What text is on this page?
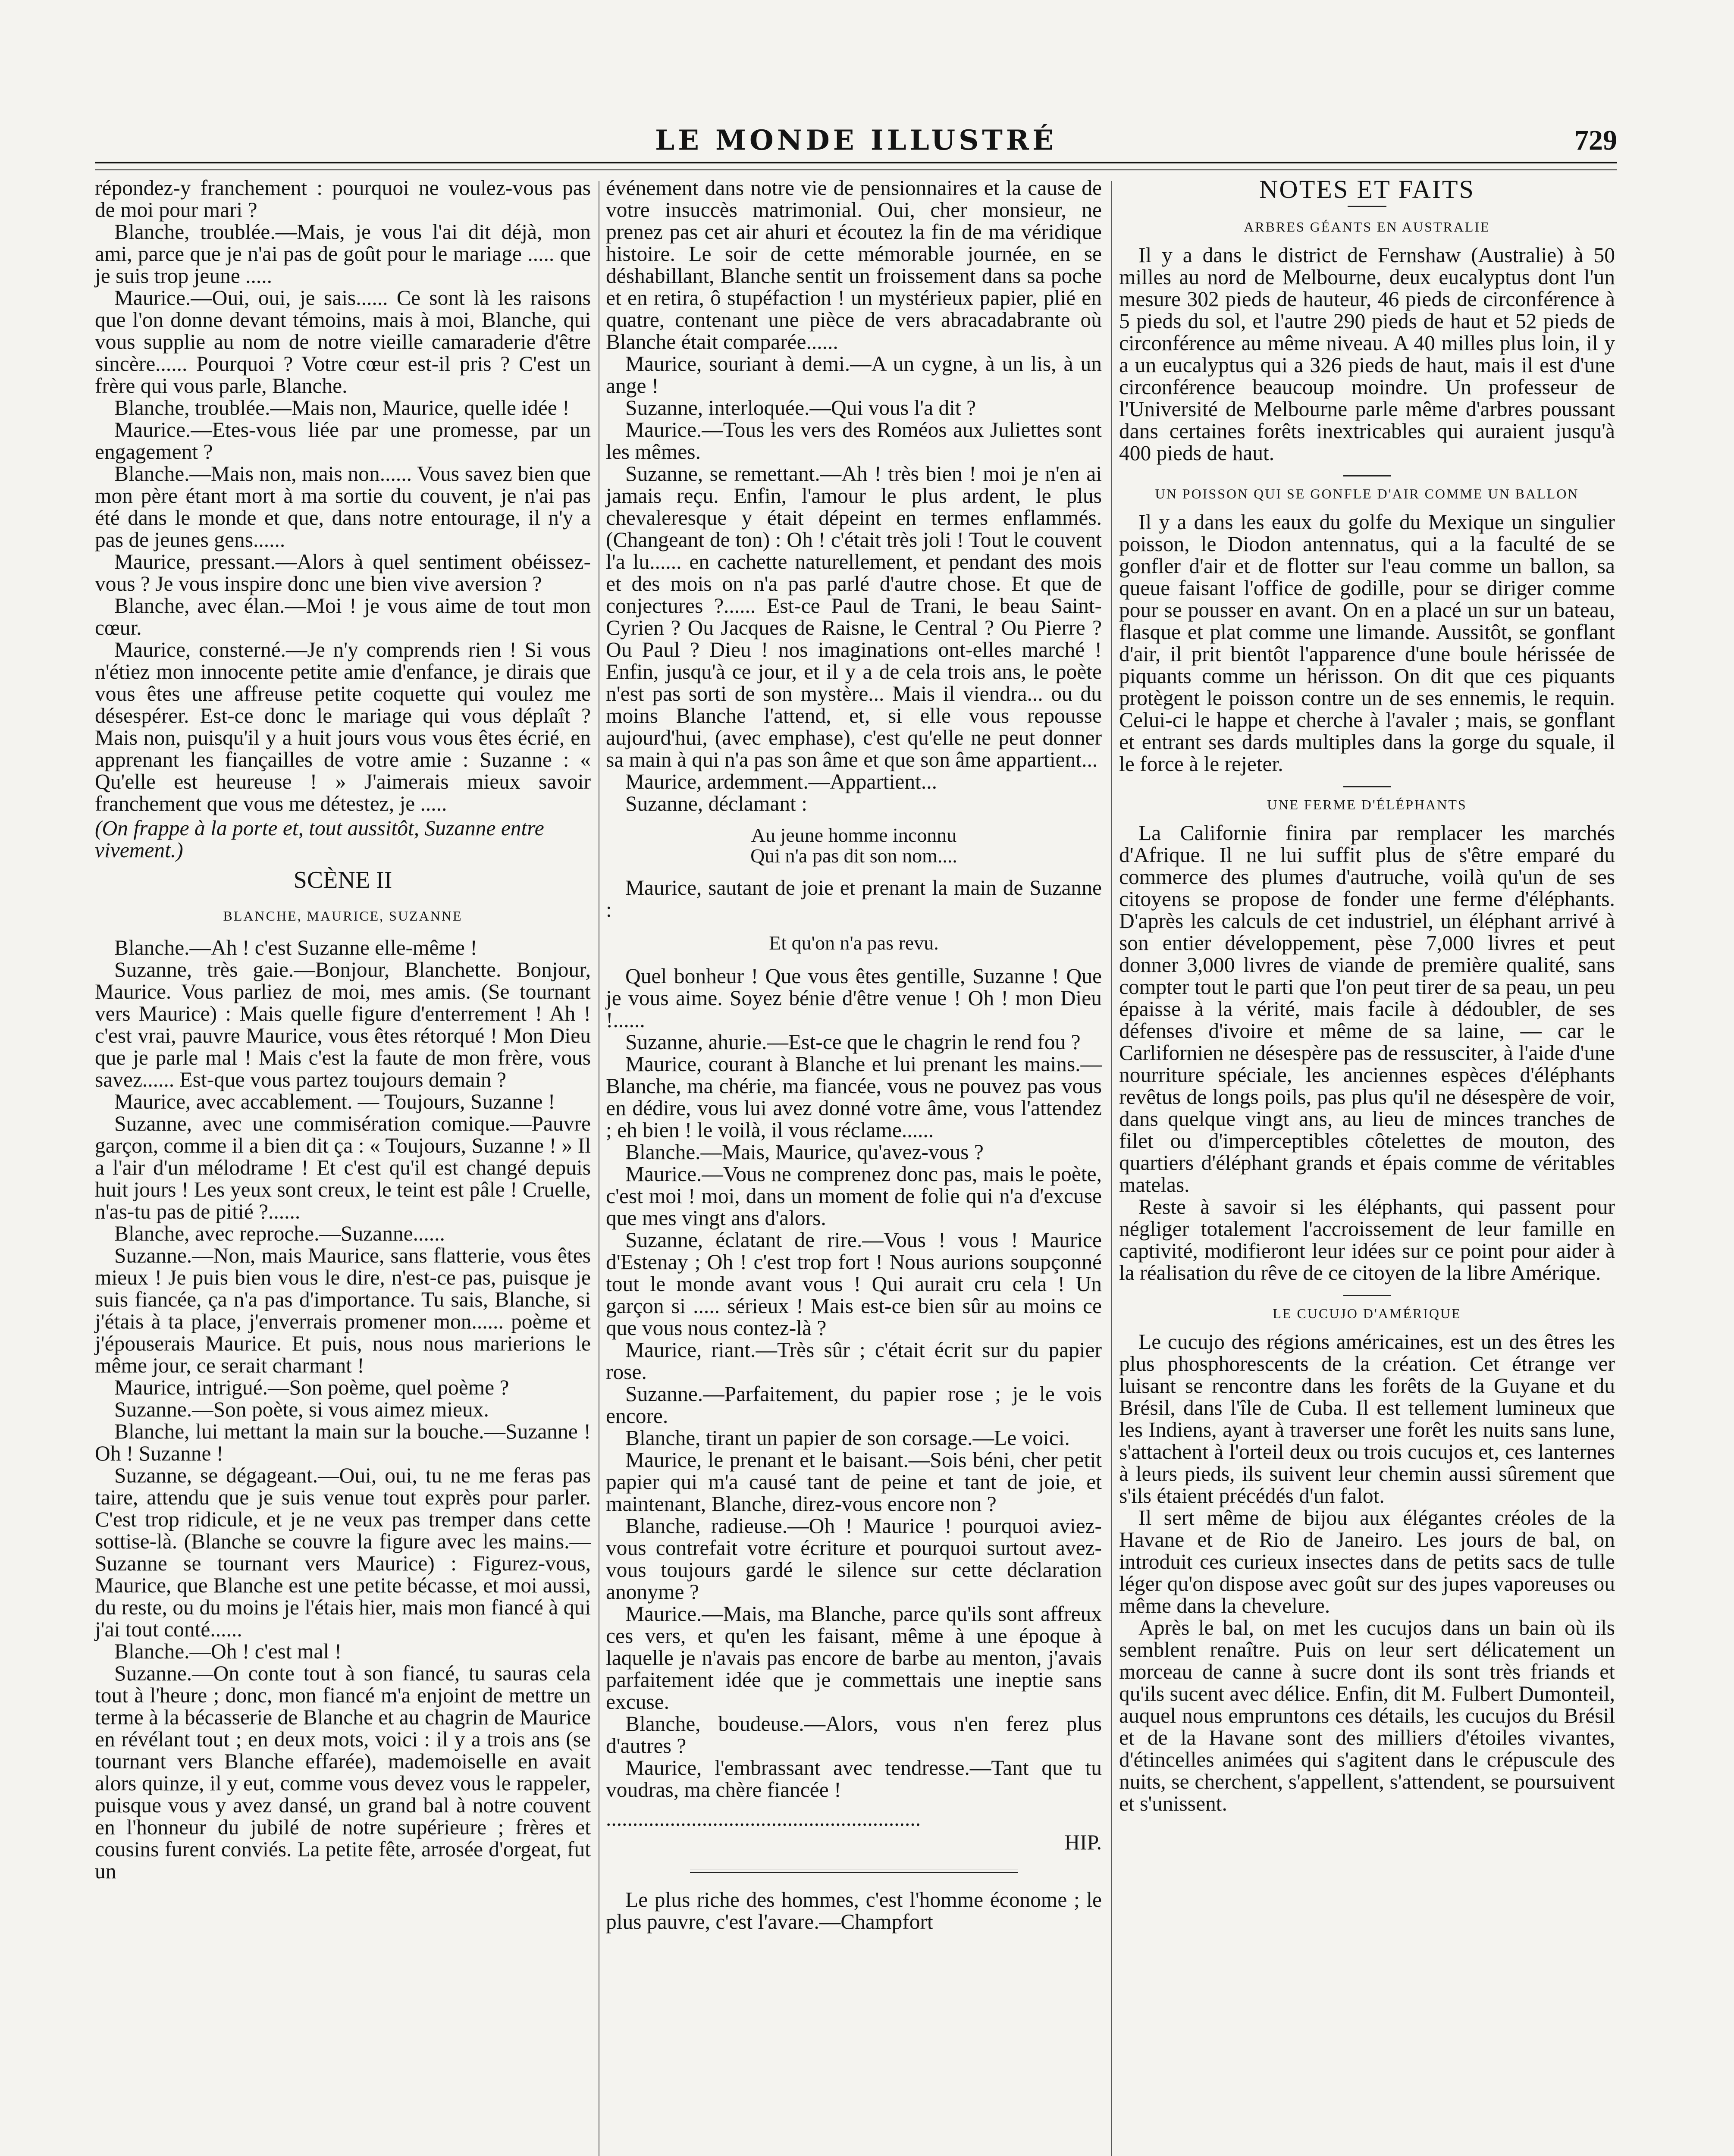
LE MONDE ILLUSTRÉ	729

répondez-y franchement : pourquoi ne voulez-vous pas de moi pour mari ?

Blanche, troublée.—Mais, je vous l'ai dit déjà, mon ami, parce que je n'ai pas de goût pour le mariage ..... que je suis trop jeune .....

Maurice.—Oui, oui, je sais...... Ce sont là les raisons que l'on donne devant témoins, mais à moi, Blanche, qui vous supplie au nom de notre vieille camaraderie d'être sincère...... Pourquoi ? Votre cœur est-il pris ? C'est un frère qui vous parle, Blanche.

Blanche, troublée.—Mais non, Maurice, quelle idée !

Maurice.—Etes-vous liée par une promesse, par un engagement ?

Blanche.—Mais non, mais non...... Vous savez bien que mon père étant mort à ma sortie du couvent, je n'ai pas été dans le monde et que, dans notre entourage, il n'y a pas de jeunes gens......

Maurice, pressant.—Alors à quel sentiment obéissez-vous ? Je vous inspire donc une bien vive aversion ?

Blanche, avec élan.—Moi ! je vous aime de tout mon cœur.

Maurice, consterné.—Je n'y comprends rien ! Si vous n'étiez mon innocente petite amie d'enfance, je dirais que vous êtes une affreuse petite coquette qui voulez me désespérer. Est-ce donc le mariage qui vous déplaît ? Mais non, puisqu'il y a huit jours vous vous êtes écrié, en apprenant les fiançailles de votre amie : Suzanne : « Qu'elle est heureuse ! » J'aimerais mieux savoir franchement que vous me détestez, je .....

(On frappe à la porte et, tout aussitôt, Suzanne entre vivement.)

SCÈNE II
BLANCHE, MAURICE, SUZANNE

Blanche.—Ah ! c'est Suzanne elle-même !

Suzanne, très gaie.—Bonjour, Blanchette. Bonjour, Maurice. Vous parliez de moi, mes amis. (Se tournant vers Maurice) : Mais quelle figure d'enterrement ! Ah ! c'est vrai, pauvre Maurice, vous êtes rétorqué ! Mon Dieu que je parle mal ! Mais c'est la faute de mon frère, vous savez...... Est-que vous partez toujours demain ?

Maurice, avec accablement. — Toujours, Suzanne !

Suzanne, avec une commisération comique.—Pauvre garçon, comme il a bien dit ça : « Toujours, Suzanne ! » Il a l'air d'un mélodrame ! Et c'est qu'il est changé depuis huit jours ! Les yeux sont creux, le teint est pâle ! Cruelle, n'as-tu pas de pitié ?......

Blanche, avec reproche.—Suzanne......

Suzanne.—Non, mais Maurice, sans flatterie, vous êtes mieux ! Je puis bien vous le dire, n'est-ce pas, puisque je suis fiancée, ça n'a pas d'importance. Tu sais, Blanche, si j'étais à ta place, j'enverrais promener mon...... poème et j'épouserais Maurice. Et puis, nous nous marierions le même jour, ce serait charmant !

Maurice, intrigué.—Son poème, quel poème ?

Suzanne.—Son poète, si vous aimez mieux.

Blanche, lui mettant la main sur la bouche.—Suzanne ! Oh ! Suzanne !

Suzanne, se dégageant.—Oui, oui, tu ne me feras pas taire, attendu que je suis venue tout exprès pour parler. C'est trop ridicule, et je ne veux pas tremper dans cette sottise-là. (Blanche se couvre la figure avec les mains.—Suzanne se tournant vers Maurice) : Figurez-vous, Maurice, que Blanche est une petite bécasse, et moi aussi, du reste, ou du moins je l'étais hier, mais mon fiancé à qui j'ai tout conté......

Blanche.—Oh ! c'est mal !

Suzanne.—On conte tout à son fiancé, tu sauras cela tout à l'heure ; donc, mon fiancé m'a enjoint de mettre un terme à la bécasserie de Blanche et au chagrin de Maurice en révélant tout ; en deux mots, voici : il y a trois ans (se tournant vers Blanche effarée), mademoiselle en avait alors quinze, il y eut, comme vous devez vous le rappeler, puisque vous y avez dansé, un grand bal à notre couvent en l'honneur du jubilé de notre supérieure ; frères et cousins furent conviés. La petite fête, arrosée d'orgeat, fut un

événement dans notre vie de pensionnaires et la cause de votre insuccès matrimonial. Oui, cher monsieur, ne prenez pas cet air ahuri et écoutez la fin de ma véridique histoire. Le soir de cette mémorable journée, en se déshabillant, Blanche sentit un froissement dans sa poche et en retira, ô stupéfaction ! un mystérieux papier, plié en quatre, contenant une pièce de vers abracadabrante où Blanche était comparée......

Maurice, souriant à demi.—A un cygne, à un lis, à un ange !

Suzanne, interloquée.—Qui vous l'a dit ?

Maurice.—Tous les vers des Roméos aux Juliettes sont les mêmes.

Suzanne, se remettant.—Ah ! très bien ! moi je n'en ai jamais reçu. Enfin, l'amour le plus ardent, le plus chevaleresque y était dépeint en termes enflammés. (Changeant de ton) : Oh ! c'était très joli ! Tout le couvent l'a lu...... en cachette naturellement, et pendant des mois et des mois on n'a pas parlé d'autre chose. Et que de conjectures ?...... Est-ce Paul de Trani, le beau Saint-Cyrien ? Ou Jacques de Raisne, le Central ? Ou Pierre ? Ou Paul ? Dieu ! nos imaginations ont-elles marché ! Enfin, jusqu'à ce jour, et il y a de cela trois ans, le poète n'est pas sorti de son mystère... Mais il viendra... ou du moins Blanche l'attend, et, si elle vous repousse aujourd'hui, (avec emphase), c'est qu'elle ne peut donner sa main à qui n'a pas son âme et que son âme appartient...

Maurice, ardemment.—Appartient...

Suzanne, déclamant :

Au jeune homme inconnu
Qui n'a pas dit son nom....

Maurice, sautant de joie et prenant la main de Suzanne :

Et qu'on n'a pas revu.

Quel bonheur ! Que vous êtes gentille, Suzanne ! Que je vous aime. Soyez bénie d'être venue ! Oh ! mon Dieu !......

Suzanne, ahurie.—Est-ce que le chagrin le rend fou ?

Maurice, courant à Blanche et lui prenant les mains.—Blanche, ma chérie, ma fiancée, vous ne pouvez pas vous en dédire, vous lui avez donné votre âme, vous l'attendez ; eh bien ! le voilà, il vous réclame......

Blanche.—Mais, Maurice, qu'avez-vous ?

Maurice.—Vous ne comprenez donc pas, mais le poète, c'est moi ! moi, dans un moment de folie qui n'a d'excuse que mes vingt ans d'alors.

Suzanne, éclatant de rire.—Vous ! vous ! Maurice d'Estenay ; Oh ! c'est trop fort ! Nous aurions soupçonné tout le monde avant vous ! Qui aurait cru cela ! Un garçon si ..... sérieux ! Mais est-ce bien sûr au moins ce que vous nous contez-là ?

Maurice, riant.—Très sûr ; c'était écrit sur du papier rose.

Suzanne.—Parfaitement, du papier rose ; je le vois encore.

Blanche, tirant un papier de son corsage.—Le voici.

Maurice, le prenant et le baisant.—Sois béni, cher petit papier qui m'a causé tant de peine et tant de joie, et maintenant, Blanche, direz-vous encore non ?

Blanche, radieuse.—Oh ! Maurice ! pourquoi aviez-vous contrefait votre écriture et pourquoi surtout avez-vous toujours gardé le silence sur cette déclaration anonyme ?

Maurice.—Mais, ma Blanche, parce qu'ils sont affreux ces vers, et qu'en les faisant, même à une époque à laquelle je n'avais pas encore de barbe au menton, j'avais parfaitement idée que je commettais une ineptie sans excuse.

Blanche, boudeuse.—Alors, vous n'en ferez plus d'autres ?

Maurice, l'embrassant avec tendresse.—Tant que tu voudras, ma chère fiancée !

...........................................................
HIP.

Le plus riche des hommes, c'est l'homme économe ; le plus pauvre, c'est l'avare.—Champfort

NOTES ET FAITS
ARBRES GÉANTS EN AUSTRALIE

Il y a dans le district de Fernshaw (Australie) à 50 milles au nord de Melbourne, deux eucalyptus dont l'un mesure 302 pieds de hauteur, 46 pieds de circonférence à 5 pieds du sol, et l'autre 290 pieds de haut et 52 pieds de circonférence au même niveau. A 40 milles plus loin, il y a un eucalyptus qui a 326 pieds de haut, mais il est d'une circonférence beaucoup moindre. Un professeur de l'Université de Melbourne parle même d'arbres poussant dans certaines forêts inextricables qui auraient jusqu'à 400 pieds de haut.

UN POISSON QUI SE GONFLE D'AIR COMME UN BALLON

Il y a dans les eaux du golfe du Mexique un singulier poisson, le Diodon antennatus, qui a la faculté de se gonfler d'air et de flotter sur l'eau comme un ballon, sa queue faisant l'office de godille, pour se diriger comme pour se pousser en avant. On en a placé un sur un bateau, flasque et plat comme une limande. Aussitôt, se gonflant d'air, il prit bientôt l'apparence d'une boule hérissée de piquants comme un hérisson. On dit que ces piquants protègent le poisson contre un de ses ennemis, le requin. Celui-ci le happe et cherche à l'avaler ; mais, se gonflant et entrant ses dards multiples dans la gorge du squale, il le force à le rejeter.

UNE FERME D'ÉLÉPHANTS

La Californie finira par remplacer les marchés d'Afrique. Il ne lui suffit plus de s'être emparé du commerce des plumes d'autruche, voilà qu'un de ses citoyens se propose de fonder une ferme d'éléphants. D'après les calculs de cet industriel, un éléphant arrivé à son entier développement, pèse 7,000 livres et peut donner 3,000 livres de viande de première qualité, sans compter tout le parti que l'on peut tirer de sa peau, un peu épaisse à la vérité, mais facile à dédoubler, de ses défenses d'ivoire et même de sa laine, — car le Carlifornien ne désespère pas de ressusciter, à l'aide d'une nourriture spéciale, les anciennes espèces d'éléphants revêtus de longs poils, pas plus qu'il ne désespère de voir, dans quelque vingt ans, au lieu de minces tranches de filet ou d'imperceptibles côtelettes de mouton, des quartiers d'éléphant grands et épais comme de véritables matelas.

Reste à savoir si les éléphants, qui passent pour négliger totalement l'accroissement de leur famille en captivité, modifieront leur idées sur ce point pour aider à la réalisation du rêve de ce citoyen de la libre Amérique.

LE CUCUJO D'AMÉRIQUE

Le cucujo des régions américaines, est un des êtres les plus phosphorescents de la création. Cet étrange ver luisant se rencontre dans les forêts de la Guyane et du Brésil, dans l'île de Cuba. Il est tellement lumineux que les Indiens, ayant à traverser une forêt les nuits sans lune, s'attachent à l'orteil deux ou trois cucujos et, ces lanternes à leurs pieds, ils suivent leur chemin aussi sûrement que s'ils étaient précédés d'un falot.

Il sert même de bijou aux élégantes créoles de la Havane et de Rio de Janeiro. Les jours de bal, on introduit ces curieux insectes dans de petits sacs de tulle léger qu'on dispose avec goût sur des jupes vaporeuses ou même dans la chevelure.

Après le bal, on met les cucujos dans un bain où ils semblent renaître. Puis on leur sert délicatement un morceau de canne à sucre dont ils sont très friands et qu'ils sucent avec délice. Enfin, dit M. Fulbert Dumonteil, auquel nous empruntons ces détails, les cucujos du Brésil et de la Havane sont des milliers d'étoiles vivantes, d'étincelles animées qui s'agitent dans le crépuscule des nuits, se cherchent, s'appellent, s'attendent, se poursuivent et s'unissent.
